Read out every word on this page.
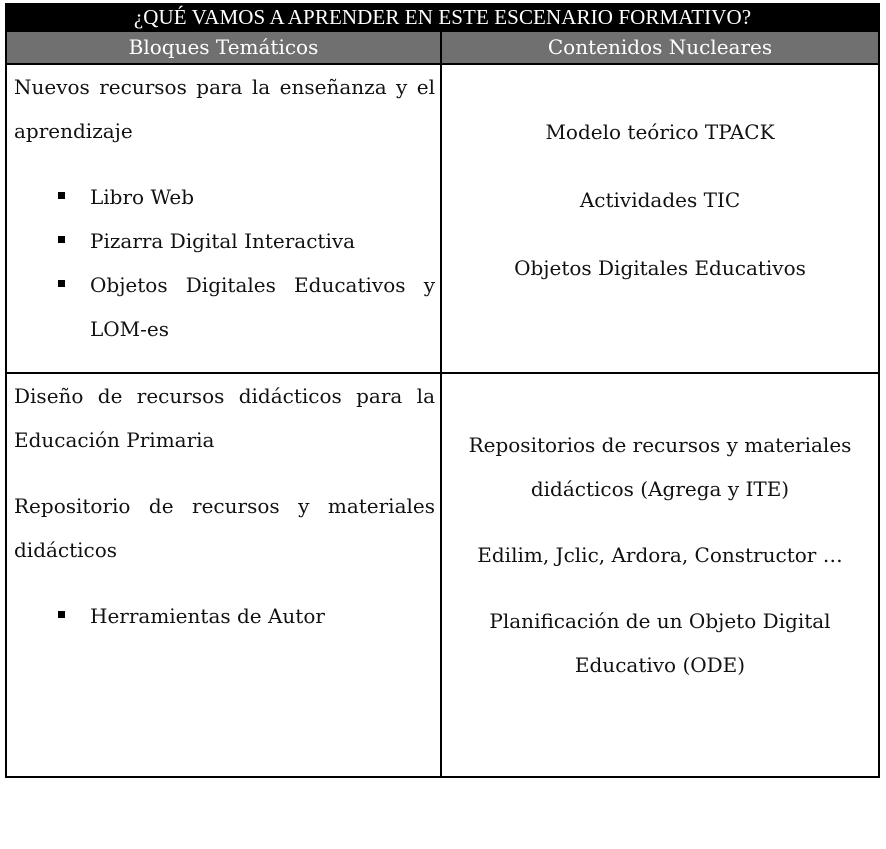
¿QUÉ VAMOS A APRENDER EN ESTE ESCENARIO FORMATIVO?
Bloques Temáticos	Contenidos Nucleares
Nuevos recursos para la enseñanza y el aprendizaje
Libro Web
Pizarra Digital Interactiva
Objetos Digitales Educativos y LOM-es
Modelo teórico TPACK
Actividades TIC
Objetos Digitales Educativos
Diseño de recursos didácticos para la Educación Primaria
Repositorio de recursos y materiales didácticos
Herramientas de Autor
Repositorios de recursos y materiales didácticos (Agrega y ITE)
Edilim, Jclic, Ardora, Constructor …
Planificación de un Objeto Digital Educativo (ODE)
